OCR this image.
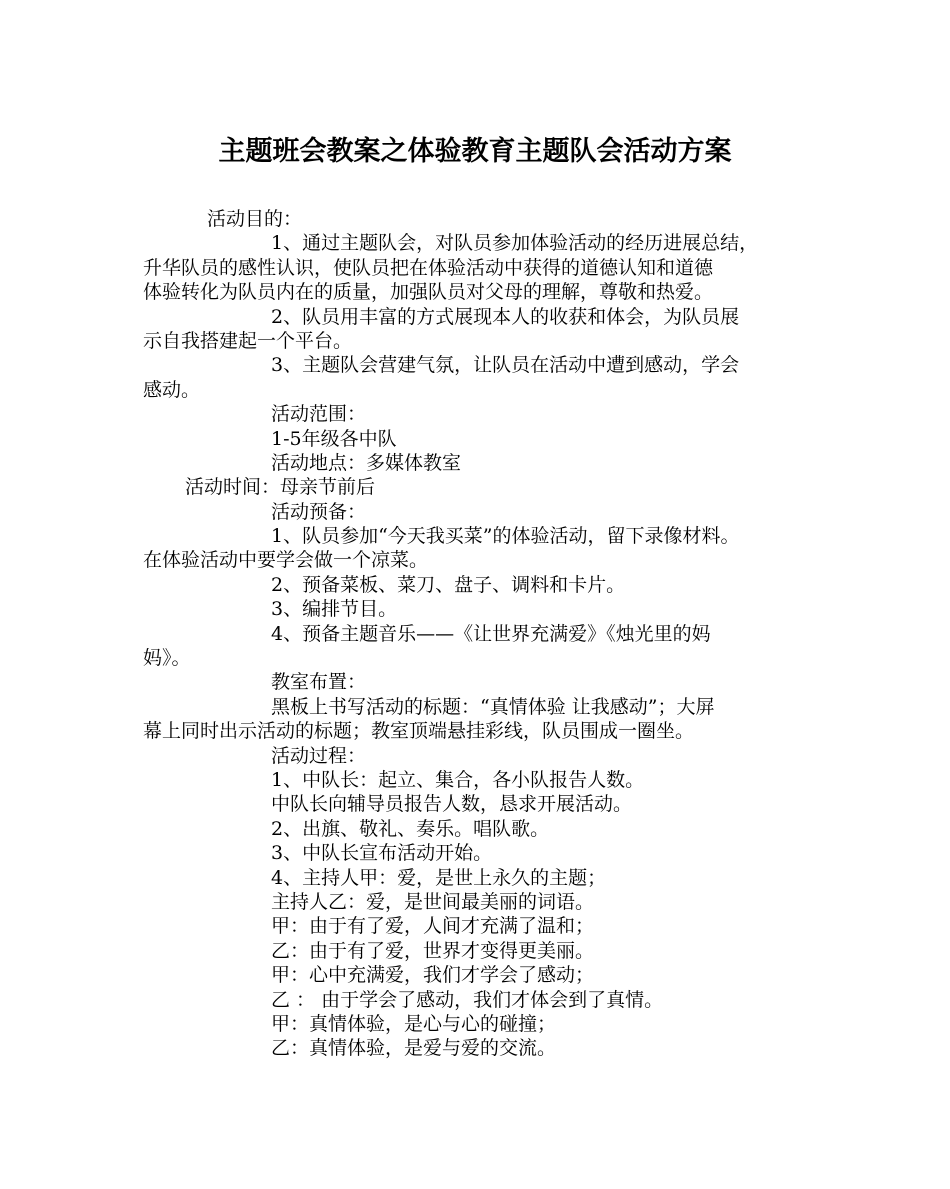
主题班会教案之体验教育主题队会活动方案
活动目的：
1、通过主题队会，对队员参加体验活动的经历进展总结，
升华队员的感性认识，使队员把在体验活动中获得的道德认知和道德
体验转化为队员内在的质量，加强队员对父母的理解，尊敬和热爱。
2、队员用丰富的方式展现本人的收获和体会，为队员展
示自我搭建起一个平台。
3、主题队会营建气氛，让队员在活动中遭到感动，学会
感动。
活动范围：
1-5年级各中队
活动地点：多媒体教室
活动时间：母亲节前后
活动预备：
1、队员参加“今天我买菜”的体验活动，留下录像材料。
在体验活动中要学会做一个凉菜。
2、预备菜板、菜刀、盘子、调料和卡片。
3、编排节目。
4、预备主题音乐——《让世界充满爱》《烛光里的妈
妈》。
教室布置：
黑板上书写活动的标题：“真情体验 让我感动”；大屏
幕上同时出示活动的标题；教室顶端悬挂彩线，队员围成一圈坐。
活动过程：
1、中队长：起立、集合，各小队报告人数。
中队长向辅导员报告人数，恳求开展活动。
2、出旗、敬礼、奏乐。唱队歌。
3、中队长宣布活动开始。
4、主持人甲：爱，是世上永久的主题；
主持人乙：爱，是世间最美丽的词语。
甲：由于有了爱，人间才充满了温和；
乙：由于有了爱，世界才变得更美丽。
甲：心中充满爱，我们才学会了感动；
乙 ： 由于学会了感动，我们才体会到了真情。
甲：真情体验，是心与心的碰撞；
乙：真情体验，是爱与爱的交流。
